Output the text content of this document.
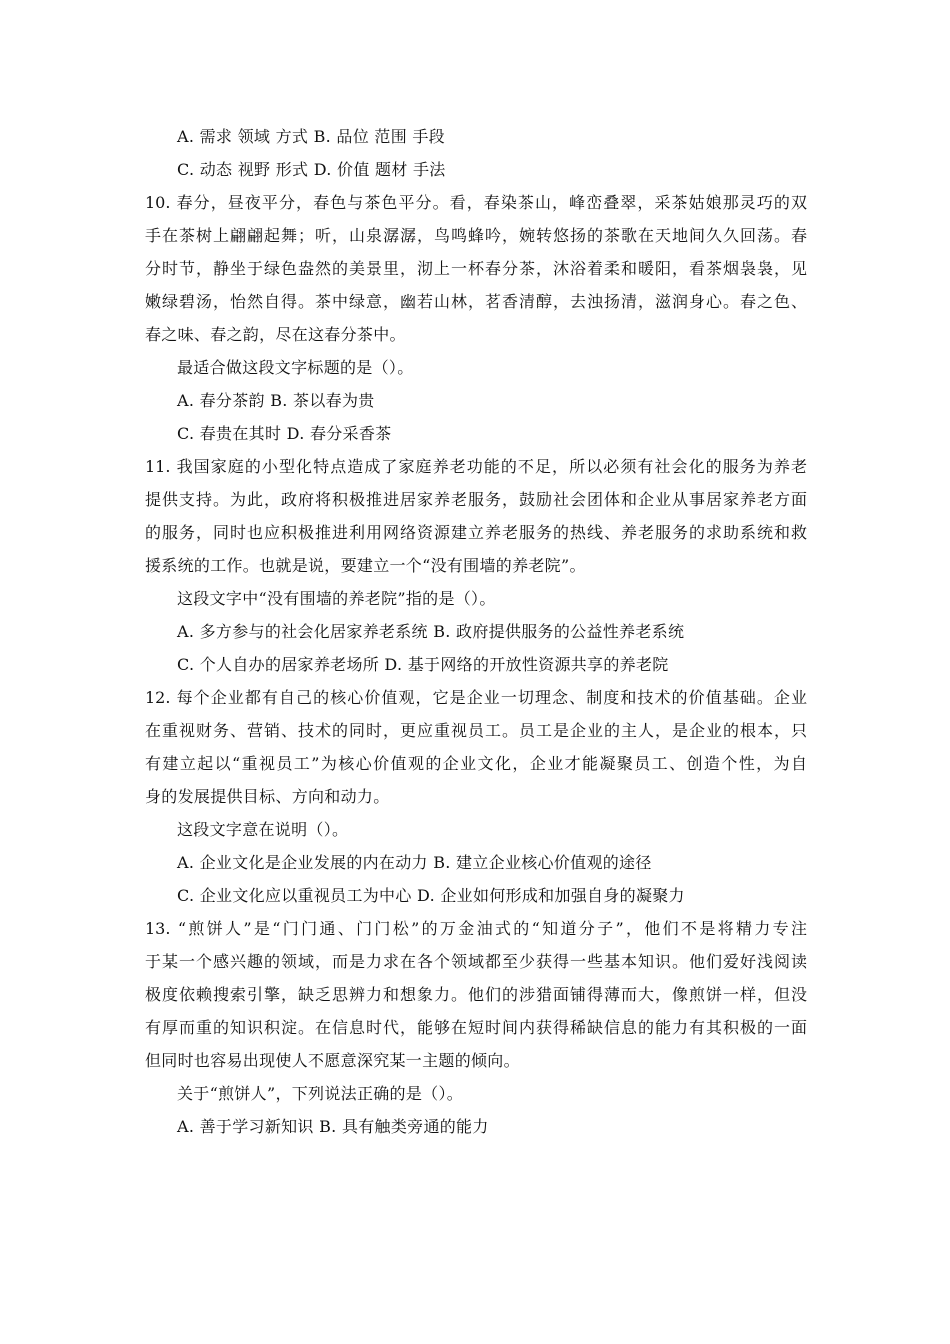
A. 需求 领域 方式 B. 品位 范围 手段
C. 动态 视野 形式 D. 价值 题材 手法
10. 春分，昼夜平分，春色与茶色平分。看，春染茶山，峰峦叠翠，采茶姑娘那灵巧的双
手在茶树上翩翩起舞；听，山泉潺潺，鸟鸣蜂吟，婉转悠扬的茶歌在天地间久久回荡。春
分时节，静坐于绿色盎然的美景里，沏上一杯春分茶，沐浴着柔和暖阳，看茶烟袅袅，见
嫩绿碧汤，怡然自得。茶中绿意，幽若山林，茗香清醇，去浊扬清，滋润身心。春之色、
春之味、春之韵，尽在这春分茶中。
最适合做这段文字标题的是（）。
A. 春分茶韵 B. 茶以春为贵
C. 春贵在其时 D. 春分采香茶
11. 我国家庭的小型化特点造成了家庭养老功能的不足，所以必须有社会化的服务为养老
提供支持。为此，政府将积极推进居家养老服务，鼓励社会团体和企业从事居家养老方面
的服务，同时也应积极推进利用网络资源建立养老服务的热线、养老服务的求助系统和救
援系统的工作。也就是说，要建立一个“没有围墙的养老院”。
这段文字中“没有围墙的养老院”指的是（）。
A. 多方参与的社会化居家养老系统 B. 政府提供服务的公益性养老系统
C. 个人自办的居家养老场所 D. 基于网络的开放性资源共享的养老院
12. 每个企业都有自己的核心价值观，它是企业一切理念、制度和技术的价值基础。企业
在重视财务、营销、技术的同时，更应重视员工。员工是企业的主人，是企业的根本，只
有建立起以“重视员工”为核心价值观的企业文化，企业才能凝聚员工、创造个性，为自
身的发展提供目标、方向和动力。
这段文字意在说明（）。
A. 企业文化是企业发展的内在动力 B. 建立企业核心价值观的途径
C. 企业文化应以重视员工为中心 D. 企业如何形成和加强自身的凝聚力
13. “煎饼人”是“门门通、门门松”的万金油式的“知道分子”，他们不是将精力专注
于某一个感兴趣的领域，而是力求在各个领域都至少获得一些基本知识。他们爱好浅阅读
极度依赖搜索引擎，缺乏思辨力和想象力。他们的涉猎面铺得薄而大，像煎饼一样，但没
有厚而重的知识积淀。在信息时代，能够在短时间内获得稀缺信息的能力有其积极的一面
但同时也容易出现使人不愿意深究某一主题的倾向。
关于“煎饼人”，下列说法正确的是（）。
A. 善于学习新知识 B. 具有触类旁通的能力
